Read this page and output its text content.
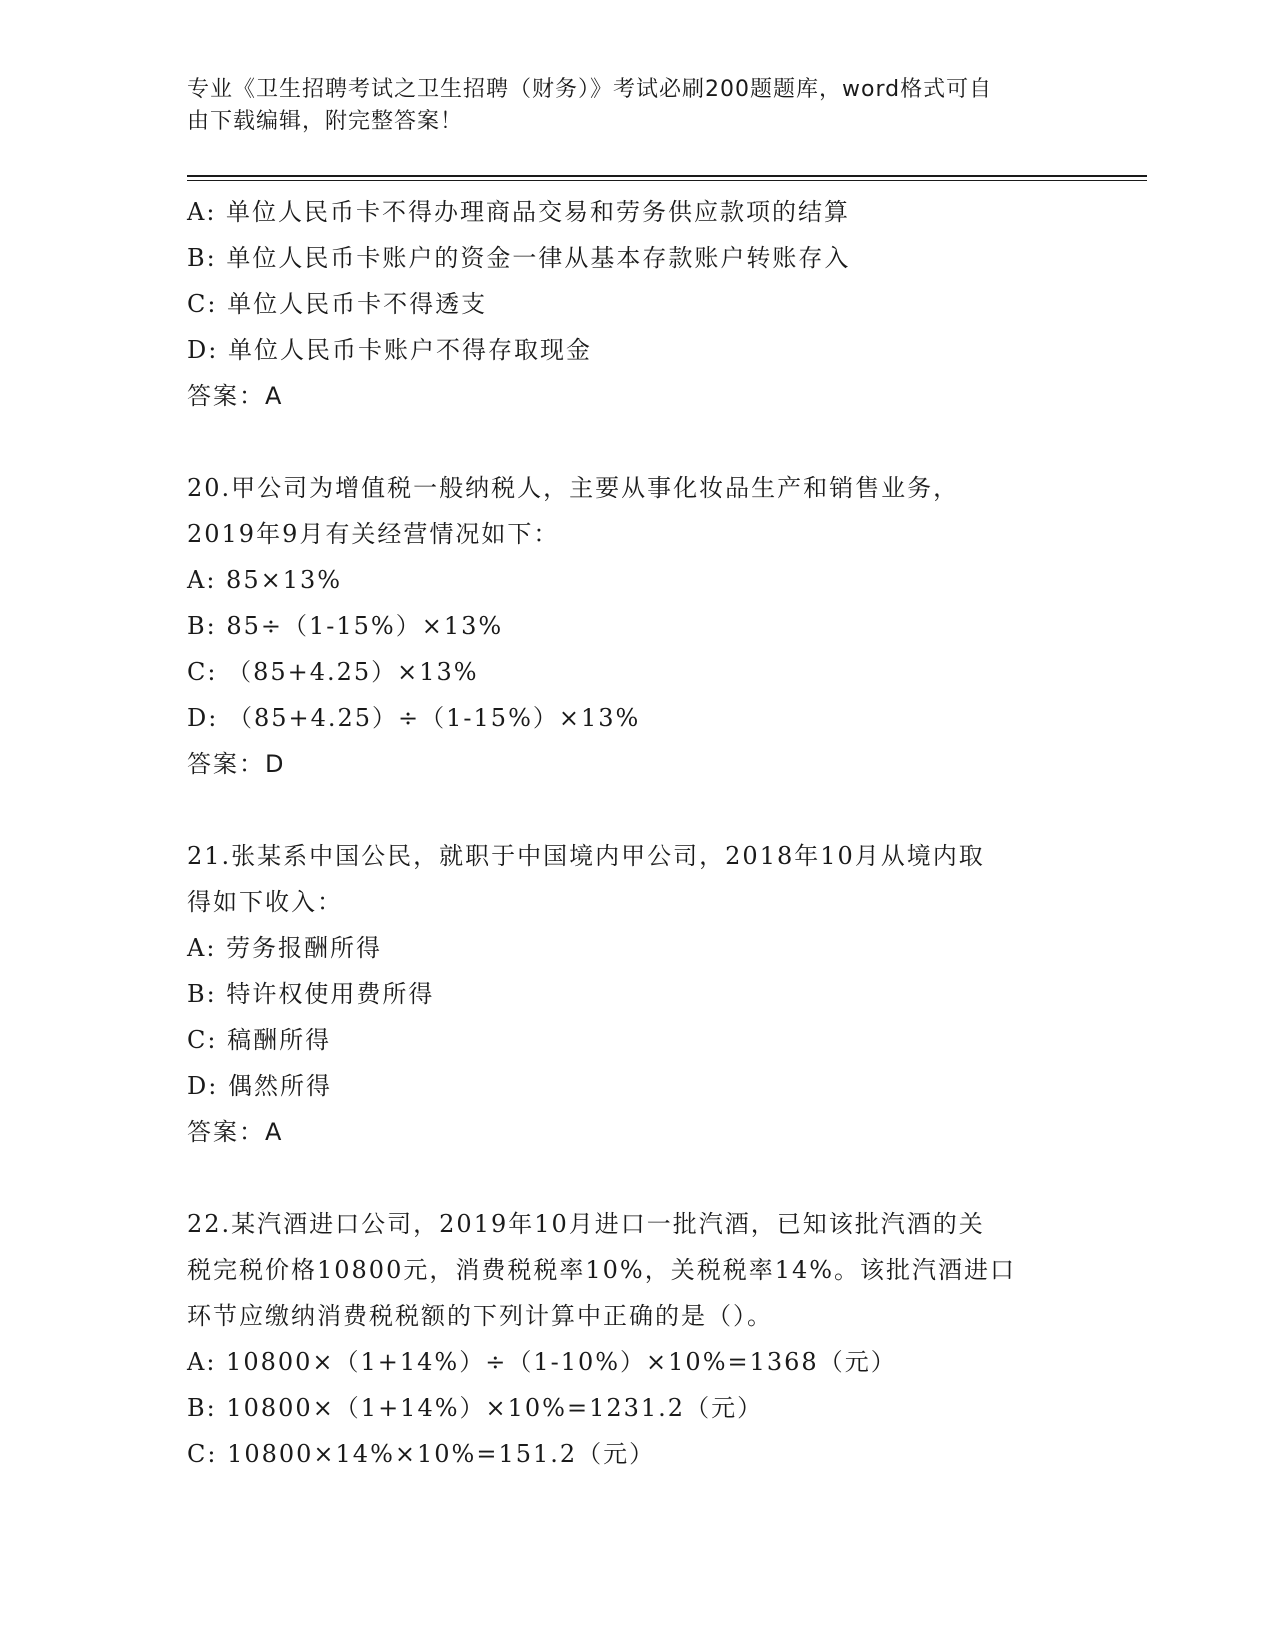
专业《卫生招聘考试之卫生招聘（财务）》考试必刷200题题库，word格式可自
由下载编辑，附完整答案！
A: 单位人民币卡不得办理商品交易和劳务供应款项的结算
B: 单位人民币卡账户的资金一律从基本存款账户转账存入
C: 单位人民币卡不得透支
D: 单位人民币卡账户不得存取现金
答案：A
20.甲公司为增值税一般纳税人，主要从事化妆品生产和销售业务，
2019年9月有关经营情况如下：
A: 85×13%
B: 85÷（1-15%）×13%
C: （85+4.25）×13%
D: （85+4.25）÷（1-15%）×13%
答案：D
21.张某系中国公民，就职于中国境内甲公司，2018年10月从境内取
得如下收入：
A: 劳务报酬所得
B: 特许权使用费所得
C: 稿酬所得
D: 偶然所得
答案：A
22.某汽酒进口公司，2019年10月进口一批汽酒，已知该批汽酒的关
税完税价格10800元，消费税税率10%，关税税率14%。该批汽酒进口
环节应缴纳消费税税额的下列计算中正确的是（）。
A: 10800×（1+14%）÷（1-10%）×10%=1368（元）
B: 10800×（1+14%）×10%=1231.2（元）
C: 10800×14%×10%=151.2（元）
